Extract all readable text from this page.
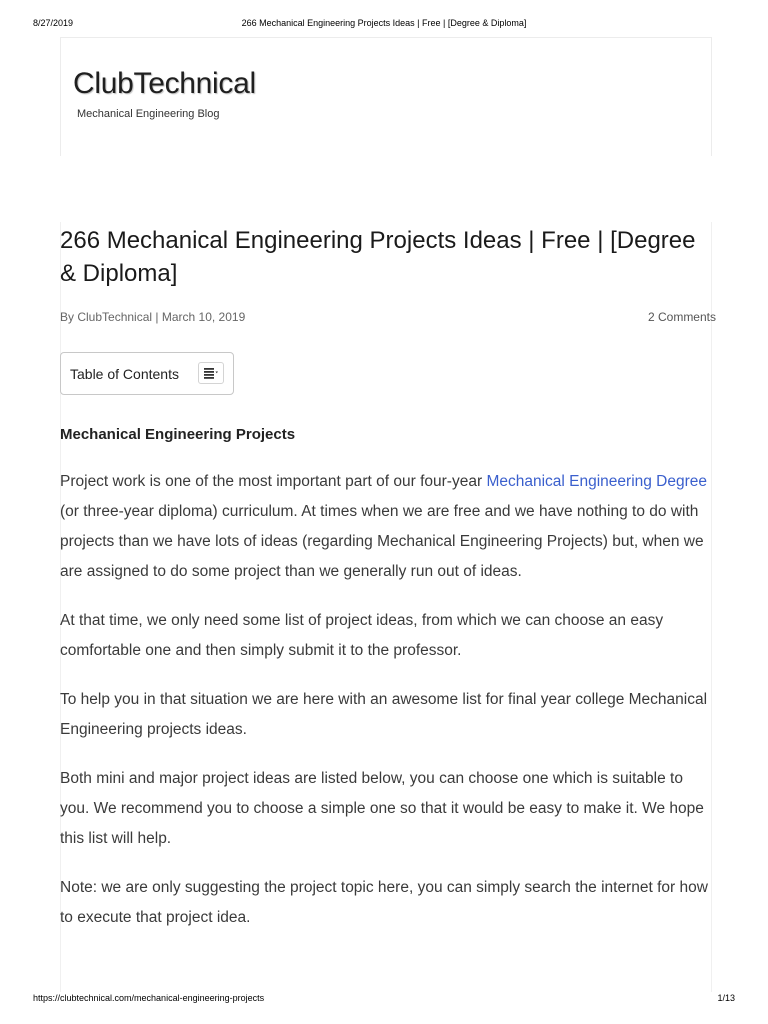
8/27/2019	266 Mechanical Engineering Projects Ideas | Free | [Degree & Diploma]
ClubTechnical
Mechanical Engineering Blog
266 Mechanical Engineering Projects Ideas | Free | [Degree & Diploma]
By ClubTechnical | March 10, 2019	2 Comments
Table of Contents
Mechanical Engineering Projects

Project work is one of the most important part of our four-year Mechanical Engineering Degree (or three-year diploma) curriculum. At times when we are free and we have nothing to do with projects than we have lots of ideas (regarding Mechanical Engineering Projects) but, when we are assigned to do some project than we generally run out of ideas.

At that time, we only need some list of project ideas, from which we can choose an easy comfortable one and then simply submit it to the professor.

To help you in that situation we are here with an awesome list for final year college Mechanical Engineering projects ideas.

Both mini and major project ideas are listed below, you can choose one which is suitable to you. We recommend you to choose a simple one so that it would be easy to make it. We hope this list will help.

Note: we are only suggesting the project topic here, you can simply search the internet for how to execute that project idea.

https://clubtechnical.com/mechanical-engineering-projects	1/13
